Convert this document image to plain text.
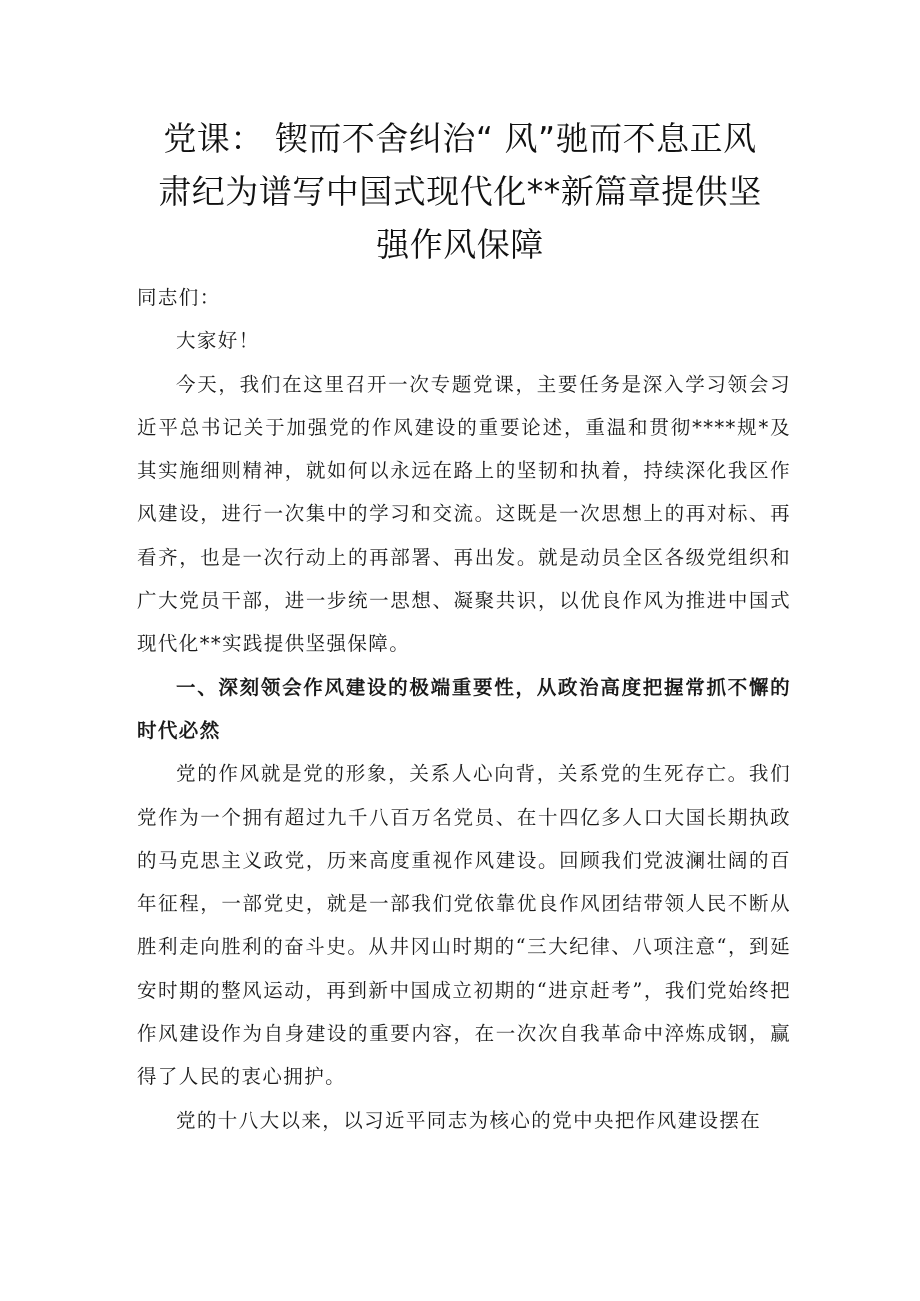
党课： 锲而不舍纠治“ 风”驰而不息正风
肃纪为谱写中国式现代化**新篇章提供坚
强作风保障

同志们：

大家好！

今天，我们在这里召开一次专题党课，主要任务是深入学习领会习近平总书记关于加强党的作风建设的重要论述，重温和贯彻****规*及其实施细则精神，就如何以永远在路上的坚韧和执着，持续深化我区作风建设，进行一次集中的学习和交流。这既是一次思想上的再对标、再看齐，也是一次行动上的再部署、再出发。就是动员全区各级党组织和广大党员干部，进一步统一思想、凝聚共识，以优良作风为推进中国式现代化**实践提供坚强保障。

一、深刻领会作风建设的极端重要性，从政治高度把握常抓不懈的时代必然

党的作风就是党的形象，关系人心向背，关系党的生死存亡。我们党作为一个拥有超过九千八百万名党员、在十四亿多人口大国长期执政的马克思主义政党，历来高度重视作风建设。回顾我们党波澜壮阔的百年征程，一部党史，就是一部我们党依靠优良作风团结带领人民不断从胜利走向胜利的奋斗史。从井冈山时期的“三大纪律、八项注意“，到延安时期的整风运动，再到新中国成立初期的“进京赶考”，我们党始终把作风建设作为自身建设的重要内容，在一次次自我革命中淬炼成钢，赢得了人民的衷心拥护。

党的十八大以来，以习近平同志为核心的党中央把作风建设摆在
